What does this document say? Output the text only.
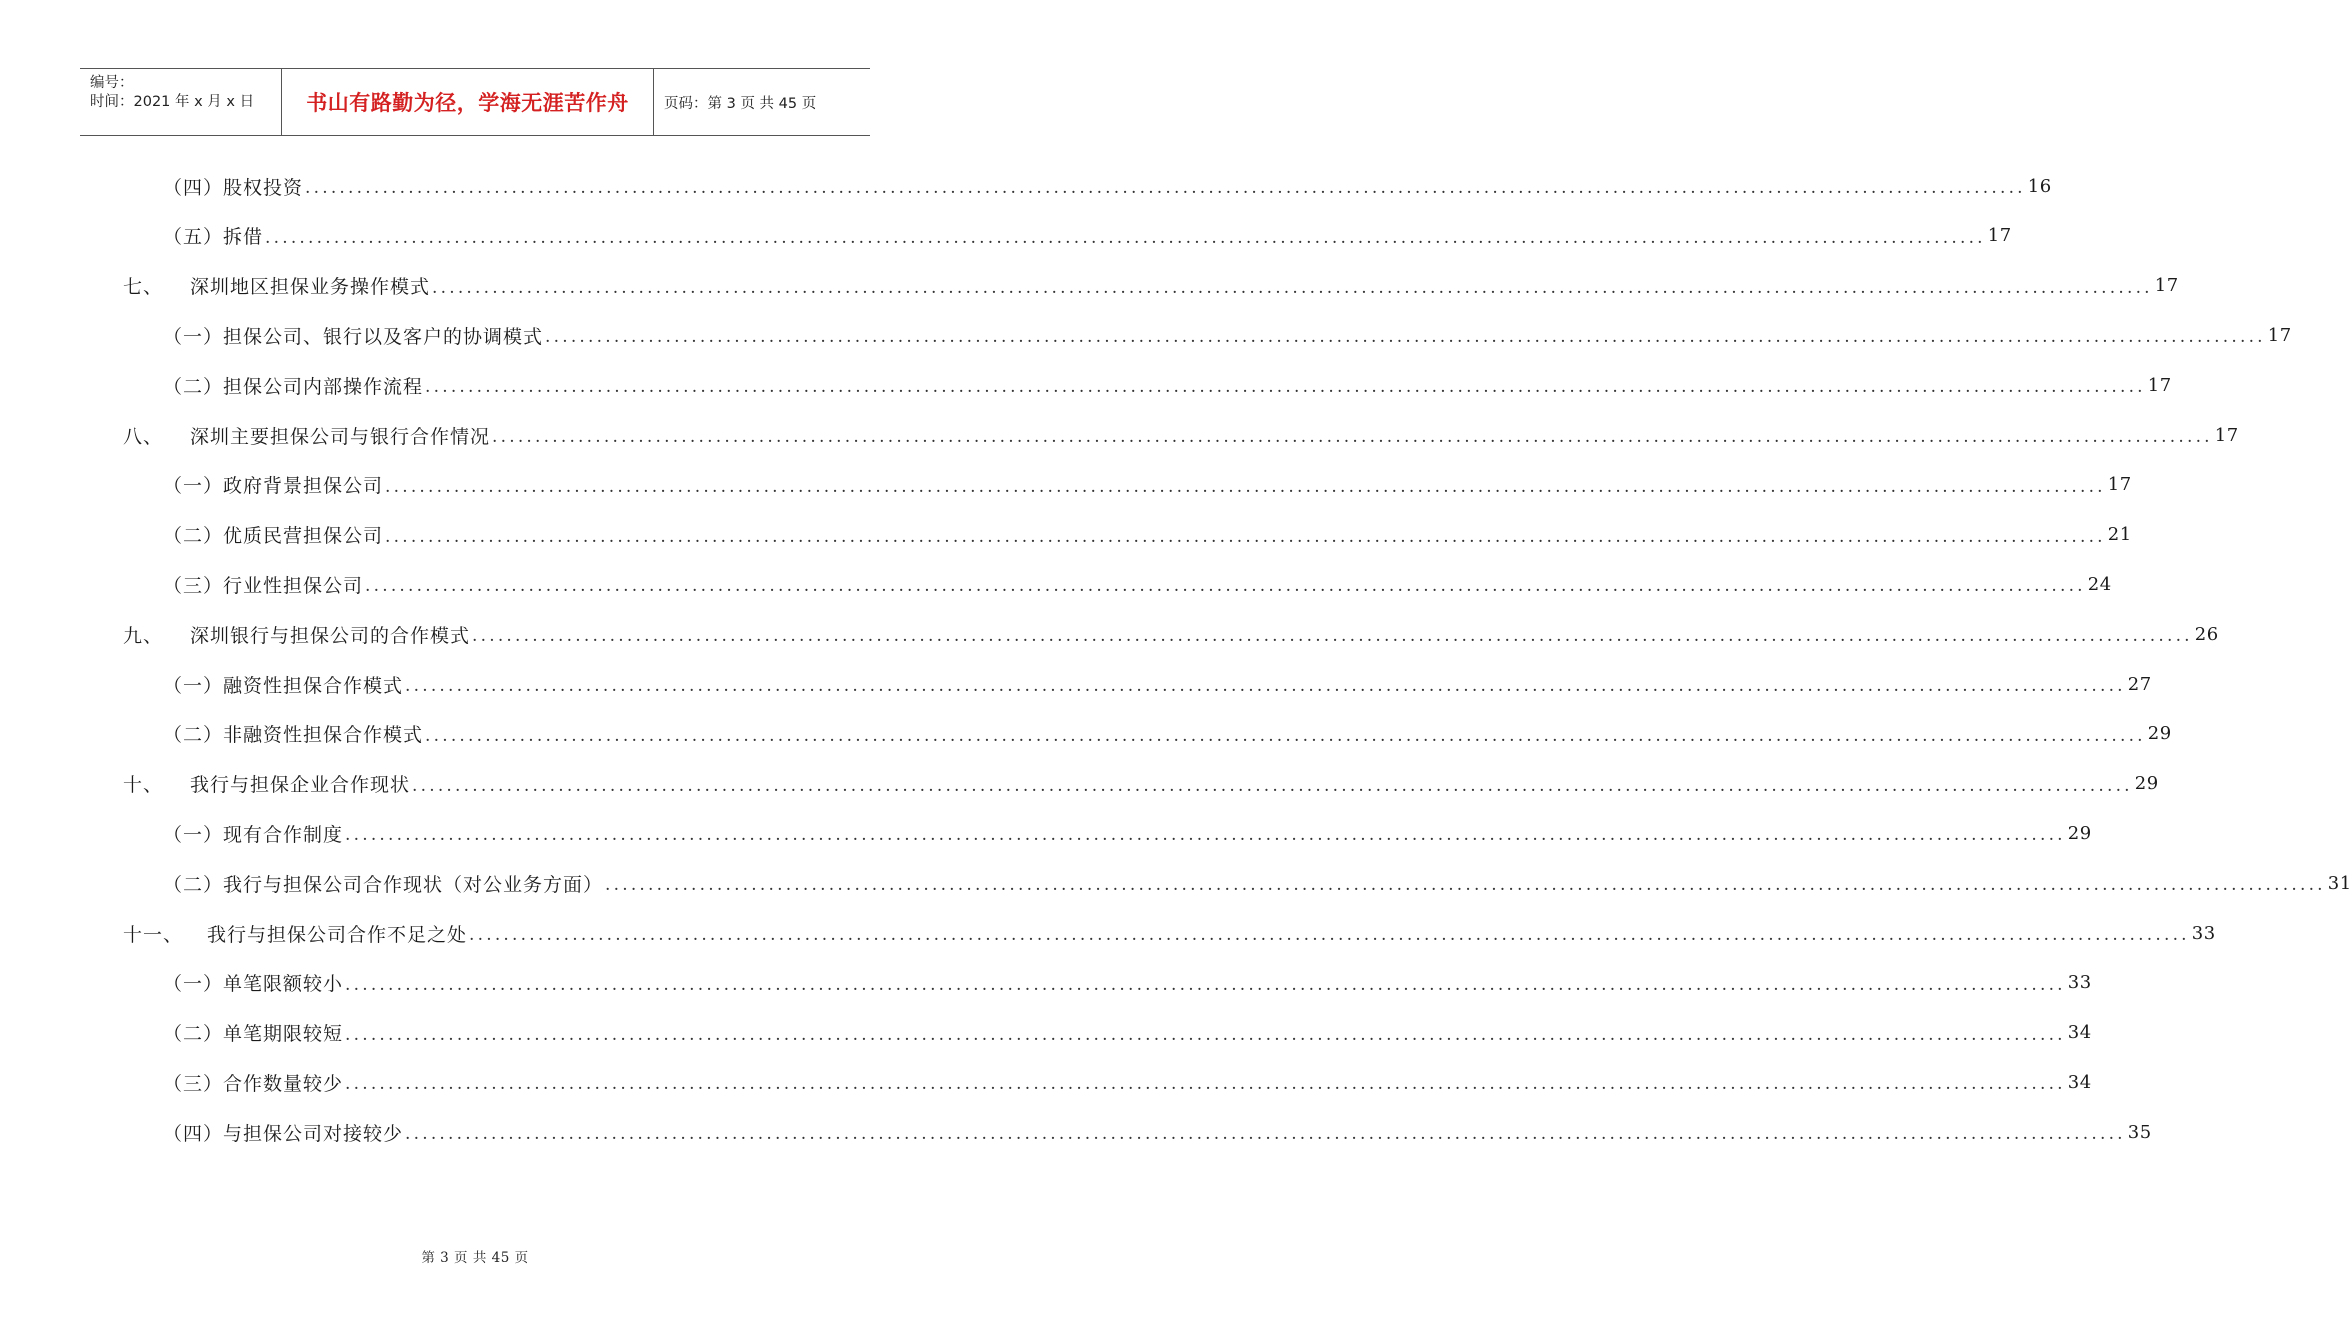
编号：
时间：2021 年 x 月 x 日	书山有路勤为径，学海无涯苦作舟	页码：第 3 页 共 45 页
（四）股权投资 ........................................................................................................................................................................................................ 16
（五）拆借 ........................................................................................................................................................................................................ 17
七、 深圳地区担保业务操作模式 ........................................................................................................................................................................................................ 17
（一）担保公司、银行以及客户的协调模式 ........................................................................................................................................................................................................ 17
（二）担保公司内部操作流程 ........................................................................................................................................................................................................ 17
八、 深圳主要担保公司与银行合作情况 ........................................................................................................................................................................................................ 17
（一）政府背景担保公司 ........................................................................................................................................................................................................ 17
（二）优质民营担保公司 ........................................................................................................................................................................................................ 21
（三）行业性担保公司 ........................................................................................................................................................................................................ 24
九、 深圳银行与担保公司的合作模式 ........................................................................................................................................................................................................ 26
（一）融资性担保合作模式 ........................................................................................................................................................................................................ 27
（二）非融资性担保合作模式 ........................................................................................................................................................................................................ 29
十、 我行与担保企业合作现状 ........................................................................................................................................................................................................ 29
（一）现有合作制度 ........................................................................................................................................................................................................ 29
（二）我行与担保公司合作现状（对公业务方面） ........................................................................................................................................................................................................ 31
十一、 我行与担保公司合作不足之处 ........................................................................................................................................................................................................ 33
（一）单笔限额较小 ........................................................................................................................................................................................................ 33
（二）单笔期限较短 ........................................................................................................................................................................................................ 34
（三）合作数量较少 ........................................................................................................................................................................................................ 34
（四）与担保公司对接较少 ........................................................................................................................................................................................................ 35
第 3 页 共 45 页
